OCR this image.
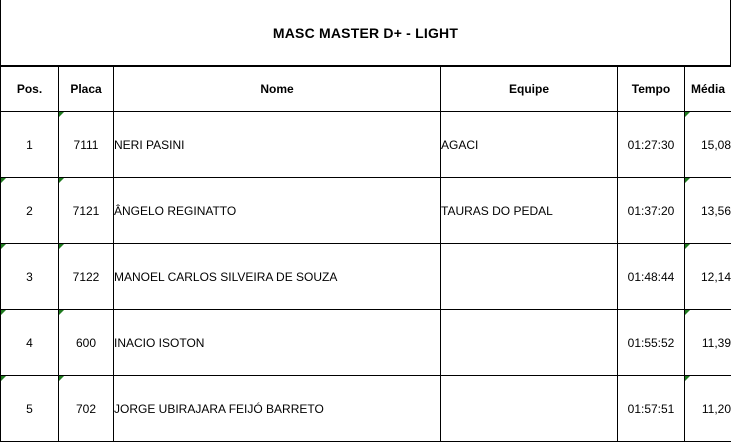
MASC MASTER D+ - LIGHT
Pos.	Placa	Nome	Equipe	Tempo	Média
1	7111	NERI PASINI	AGACI	01:27:30	15,08

2	7121	ÂNGELO REGINATTO	TAURAS DO PEDAL	01:37:20	13,56

3	7122	MANOEL CARLOS SILVEIRA DE SOUZA		01:48:44	12,14

4	600	INACIO ISOTON		01:55:52	11,39

5	702	JORGE UBIRAJARA FEIJÓ BARRETO		01:57:51	11,20
